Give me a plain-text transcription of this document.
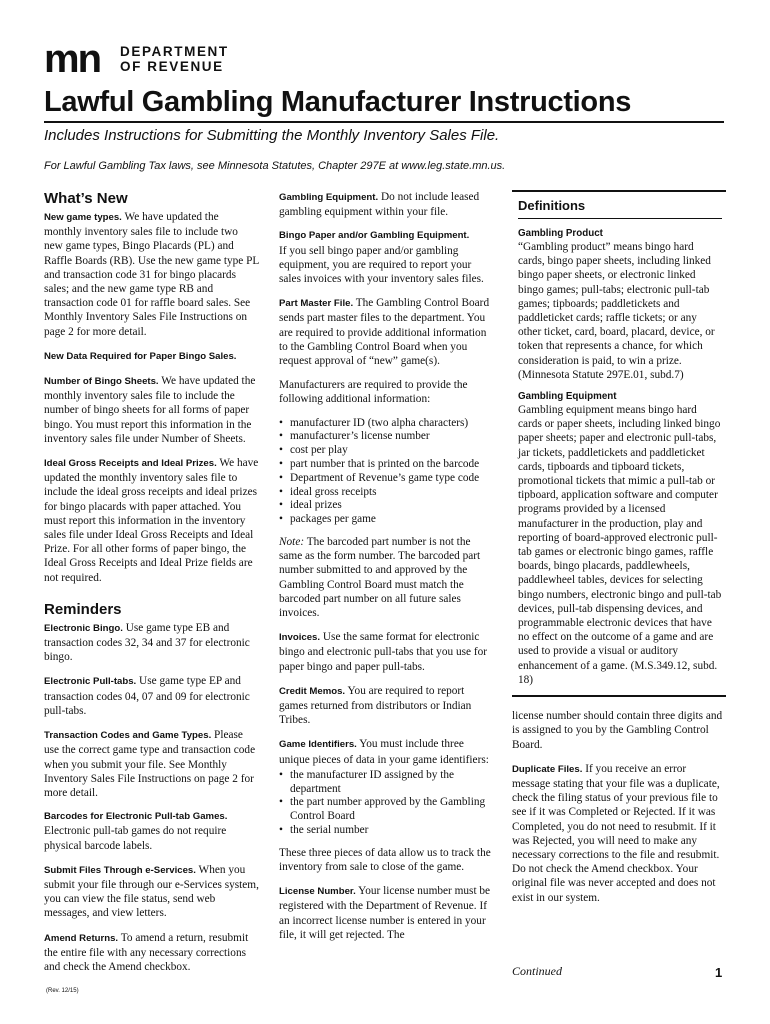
mn DEPARTMENT
OF REVENUE
Lawful Gambling Manufacturer Instructions
Includes Instructions for Submitting the Monthly Inventory Sales File.
For Lawful Gambling Tax laws, see Minnesota Statutes, Chapter 297E at www.leg.state.mn.us.
What’s New

New game types. We have updated the monthly inventory sales file to include two new game types, Bingo Placards (PL) and Raffle Boards (RB). Use the new game type PL and transaction code 31 for bingo placards sales; and the new game type RB and transaction code 01 for raffle board sales. See Monthly Inventory Sales File Instructions on page 2 for more detail.

New Data Required for Paper Bingo Sales.

Number of Bingo Sheets. We have updated the monthly inventory sales file to include the number of bingo sheets for all forms of paper bingo. You must report this information in the inventory sales file under Number of Sheets.

Ideal Gross Receipts and Ideal Prizes. We have updated the monthly inventory sales file to include the ideal gross receipts and ideal prizes for bingo placards with paper attached. You must report this information in the inventory sales file under Ideal Gross Receipts and Ideal Prize. For all other forms of paper bingo, the Ideal Gross Receipts and Ideal Prize fields are not required.

Reminders

Electronic Bingo. Use game type EB and transaction codes 32, 34 and 37 for electronic bingo.

Electronic Pull-tabs. Use game type EP and transaction codes 04, 07 and 09 for electronic pull-tabs.

Transaction Codes and Game Types. Please use the correct game type and transaction code when you submit your file. See Monthly Inventory Sales File Instructions on page 2 for more detail.

Barcodes for Electronic Pull-tab Games.
Electronic pull-tab games do not require physical barcode labels.

Submit Files Through e-Services. When you submit your file through our e-Services system, you can view the file status, send web messages, and view letters.

Amend Returns. To amend a return, resubmit the entire file with any necessary corrections and check the Amend checkbox.

Gambling Equipment. Do not include leased gambling equipment within your file.

Bingo Paper and/or Gambling Equipment.
If you sell bingo paper and/or gambling equipment, you are required to report your sales invoices with your inventory sales files.

Part Master File. The Gambling Control Board sends part master files to the department. You are required to provide additional information to the Gambling Control Board when you request approval of “new” game(s).

Manufacturers are required to provide the following additional information:

• manufacturer ID (two alpha characters)
• manufacturer’s license number
• cost per play
• part number that is printed on the barcode
• Department of Revenue’s game type code
• ideal gross receipts
• ideal prizes
• packages per game

Note: The barcoded part number is not the same as the form number. The barcoded part number submitted to and approved by the Gambling Control Board must match the barcoded part number on all future sales invoices.

Invoices. Use the same format for electronic bingo and electronic pull-tabs that you use for paper bingo and paper pull-tabs.

Credit Memos. You are required to report games returned from distributors or Indian Tribes.

Game Identifiers. You must include three unique pieces of data in your game identifiers:

• the manufacturer ID assigned by the department
• the part number approved by the Gambling Control Board
• the serial number

These three pieces of data allow us to track the inventory from sale to close of the game.

License Number. Your license number must be registered with the Department of Revenue. If an incorrect license number is entered in your file, it will get rejected. The

Definitions
Gambling Product

“Gambling product” means bingo hard cards, bingo paper sheets, including linked bingo paper sheets, or electronic linked bingo games; pull-tabs; electronic pull-tab games; tipboards; paddletickets and paddleticket cards; raffle tickets; or any other ticket, card, board, placard, device, or token that represents a chance, for which consideration is paid, to win a prize. (Minnesota Statute 297E.01, subd.7)

Gambling Equipment

Gambling equipment means bingo hard cards or paper sheets, including linked bingo paper sheets; paper and electronic pull-tabs, jar tickets, paddletickets and paddleticket cards, tipboards and tipboard tickets, promotional tickets that mimic a pull-tab or tipboard, application software and computer programs provided by a licensed manufacturer in the production, play and reporting of board-approved electronic pull-tab games or electronic bingo games, raffle boards, bingo placards, paddlewheels, paddlewheel tables, devices for selecting bingo numbers, electronic bingo and pull-tab devices, pull-tab dispensing devices, and programmable electronic devices that have no effect on the outcome of a game and are used to provide a visual or auditory enhancement of a game. (M.S.349.12, subd. 18)

license number should contain three digits and is assigned to you by the Gambling Control Board.

Duplicate Files. If you receive an error message stating that your file was a duplicate, check the filing status of your previous file to see if it was Completed or Rejected. If it was Completed, you do not need to resubmit. If it was Rejected, you will need to make any necessary corrections to the file and resubmit. Do not check the Amend checkbox. Your original file was never accepted and does not exist in our system.

Continued	1
(Rev. 12/15)
